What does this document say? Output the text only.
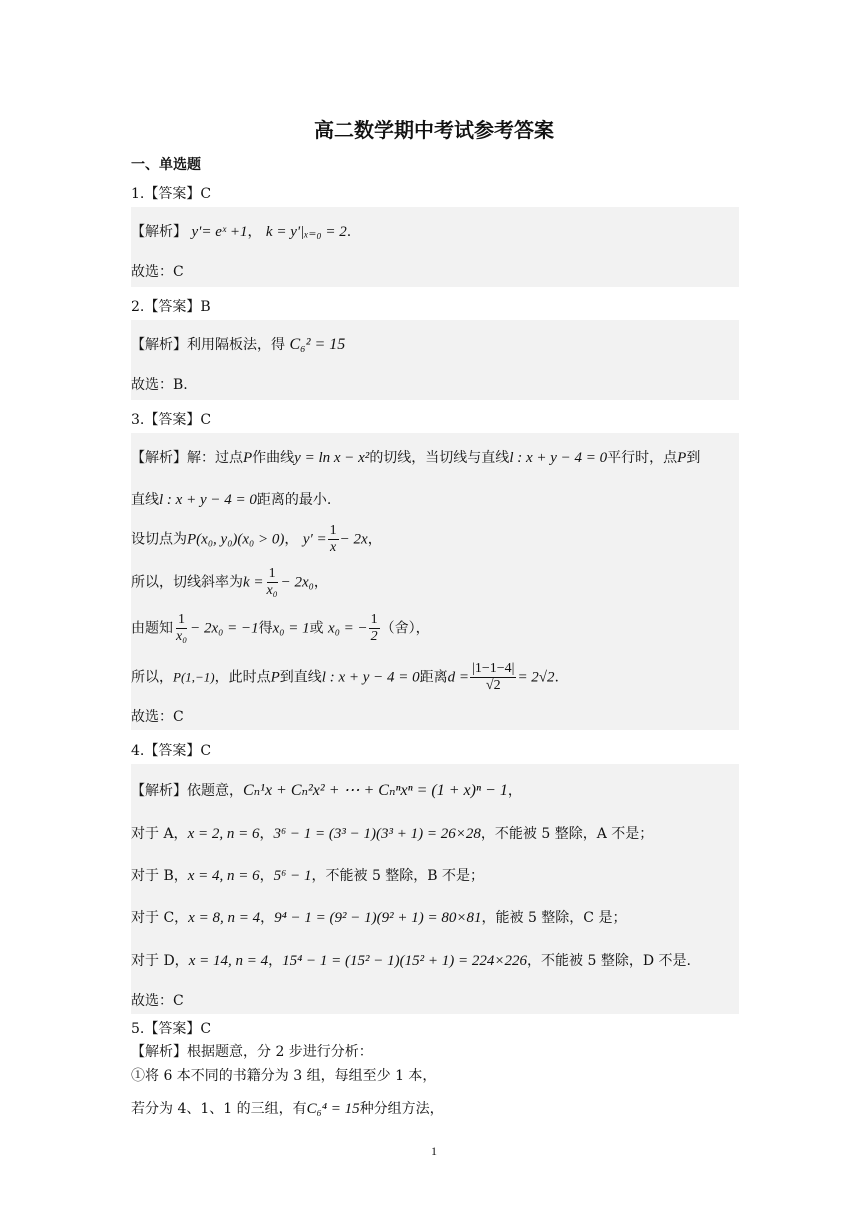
高二数学期中考试参考答案
一、单选题
1.【答案】C
【解析】 y'= eˣ +1， k = y'|ₓ₌₀ = 2.
故选：C
2.【答案】B
【解析】利用隔板法，得 C₆² = 15
故选：B.
3.【答案】C
【解析】解：过点P作曲线y = ln x − x²的切线，当切线与直线l : x + y − 4 = 0平行时，点P到
直线l : x + y − 4 = 0距离的最小.
设切点为P(x₀, y₀)(x₀ > 0)， $y' = \frac{1}{x} - 2x$，
所以，切线斜率为$k = \frac{1}{\text{x₀}} - 2x_0$，
由题知 $\frac{1}{\text{x₀}} - 2x_0 = -1$得x₀ = 1或 x₀ = − $\frac{1}{2}$ （舍），
所以，P(1,−1)，此时点P到直线l : x + y − 4 = 0距离$d = \frac{|1-1-4|}{√2} = 2√2$.
故选：C
4.【答案】C
【解析】依题意，Cₙ¹x + Cₙ²x² + ⋯ + Cₙⁿxⁿ = (1 + x)ⁿ − 1，
对于 A，x = 2, n = 6，3⁶ − 1 = (3³ − 1)(3³ + 1) = 26×28，不能被 5 整除，A 不是；
对于 B，x = 4, n = 6，5⁶ − 1，不能被 5 整除，B 不是；
对于 C，x = 8, n = 4，9⁴ − 1 = (9² − 1)(9² + 1) = 80×81，能被 5 整除，C 是；
对于 D，x = 14, n = 4，15⁴ − 1 = (15² − 1)(15² + 1) = 224×226，不能被 5 整除，D 不是.
故选：C
5.【答案】C
【解析】根据题意，分 2 步进行分析：
①将 6 本不同的书籍分为 3 组，每组至少 1 本，
若分为 4、1、1 的三组，有C₆⁴ = 15种分组方法，
1
